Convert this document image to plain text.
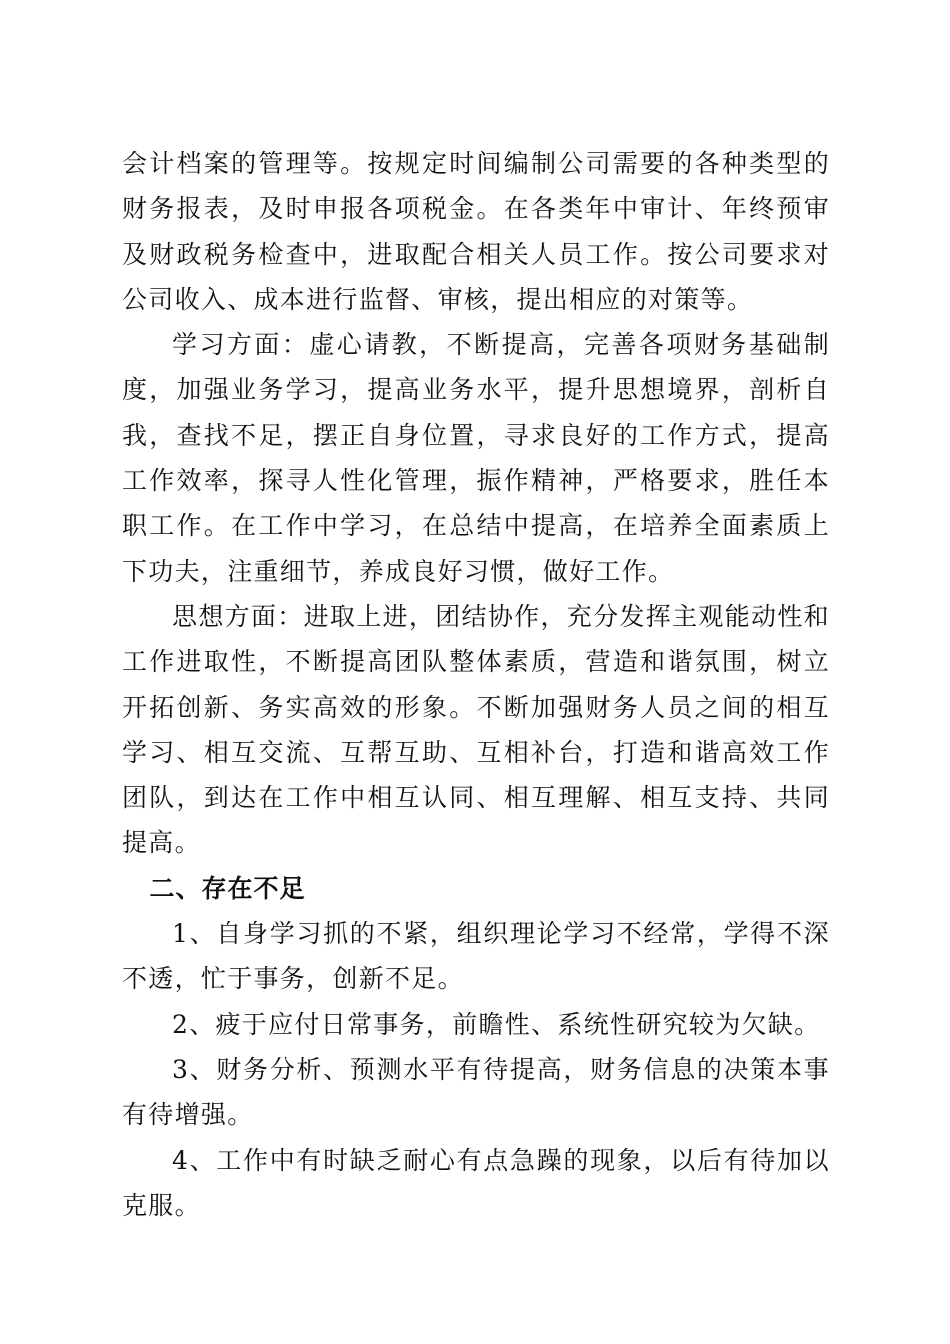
会计档案的管理等。按规定时间编制公司需要的各种类型的财务报表，及时申报各项税金。在各类年中审计、年终预审及财政税务检查中，进取配合相关人员工作。按公司要求对公司收入、成本进行监督、审核，提出相应的对策等。

学习方面：虚心请教，不断提高，完善各项财务基础制度，加强业务学习，提高业务水平，提升思想境界，剖析自我，查找不足，摆正自身位置，寻求良好的工作方式，提高工作效率，探寻人性化管理，振作精神，严格要求，胜任本职工作。在工作中学习，在总结中提高，在培养全面素质上下功夫，注重细节，养成良好习惯，做好工作。

思想方面：进取上进，团结协作，充分发挥主观能动性和工作进取性，不断提高团队整体素质，营造和谐氛围，树立开拓创新、务实高效的形象。不断加强财务人员之间的相互学习、相互交流、互帮互助、互相补台，打造和谐高效工作团队，到达在工作中相互认同、相互理解、相互支持、共同提高。

二、存在不足

1、自身学习抓的不紧，组织理论学习不经常，学得不深不透，忙于事务，创新不足。

2、疲于应付日常事务，前瞻性、系统性研究较为欠缺。

3、财务分析、预测水平有待提高，财务信息的决策本事有待增强。

4、工作中有时缺乏耐心有点急躁的现象，以后有待加以克服。
